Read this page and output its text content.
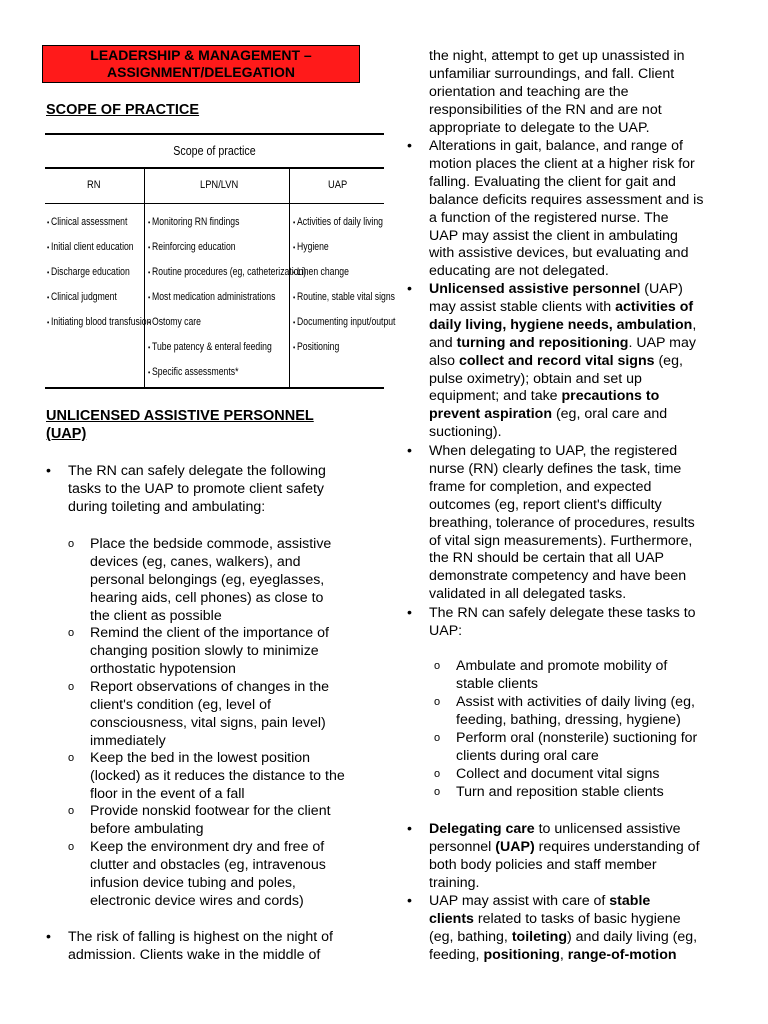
LEADERSHIP & MANAGEMENT –
ASSIGNMENT/DELEGATION
SCOPE OF PRACTICE
Scope of practice
RN	LPN/LVN	UAP
• Clinical assessment
• Initial client education
• Discharge education
• Clinical judgment
• Initiating blood transfusion
• Monitoring RN findings
• Reinforcing education
• Routine procedures (eg, catheterization)
• Most medication administrations
• Ostomy care
• Tube patency & enteral feeding
• Specific assessments*
• Activities of daily living
• Hygiene
• Linen change
• Routine, stable vital signs
• Documenting input/output
• Positioning
UNLICENSED ASSISTIVE PERSONNEL (UAP)
• The RN can safely delegate the following
tasks to the UAP to promote client safety
during toileting and ambulating:
o Place the bedside commode, assistive
devices (eg, canes, walkers), and
personal belongings (eg, eyeglasses,
hearing aids, cell phones) as close to
the client as possible
o Remind the client of the importance of
changing position slowly to minimize
orthostatic hypotension
o Report observations of changes in the
client's condition (eg, level of
consciousness, vital signs, pain level)
immediately
o Keep the bed in the lowest position
(locked) as it reduces the distance to the
floor in the event of a fall
o Provide nonskid footwear for the client
before ambulating
o Keep the environment dry and free of
clutter and obstacles (eg, intravenous
infusion device tubing and poles,
electronic device wires and cords)
• The risk of falling is highest on the night of
admission. Clients wake in the middle of
the night, attempt to get up unassisted in
unfamiliar surroundings, and fall. Client
orientation and teaching are the
responsibilities of the RN and are not
appropriate to delegate to the UAP.
• Alterations in gait, balance, and range of
motion places the client at a higher risk for
falling. Evaluating the client for gait and
balance deficits requires assessment and is
a function of the registered nurse. The
UAP may assist the client in ambulating
with assistive devices, but evaluating and
educating are not delegated.
• Unlicensed assistive personnel (UAP)
may assist stable clients with activities of
daily living, hygiene needs, ambulation,
and turning and repositioning. UAP may
also collect and record vital signs (eg,
pulse oximetry); obtain and set up
equipment; and take precautions to
prevent aspiration (eg, oral care and
suctioning).
• When delegating to UAP, the registered
nurse (RN) clearly defines the task, time
frame for completion, and expected
outcomes (eg, report client's difficulty
breathing, tolerance of procedures, results
of vital sign measurements). Furthermore,
the RN should be certain that all UAP
demonstrate competency and have been
validated in all delegated tasks.
• The RN can safely delegate these tasks to
UAP:
o Ambulate and promote mobility of
stable clients
o Assist with activities of daily living (eg,
feeding, bathing, dressing, hygiene)
o Perform oral (nonsterile) suctioning for
clients during oral care
o Collect and document vital signs
o Turn and reposition stable clients
• Delegating care to unlicensed assistive
personnel (UAP) requires understanding of
both body policies and staff member
training.
• UAP may assist with care of stable
clients related to tasks of basic hygiene
(eg, bathing, toileting) and daily living (eg,
feeding, positioning, range-of-motion
